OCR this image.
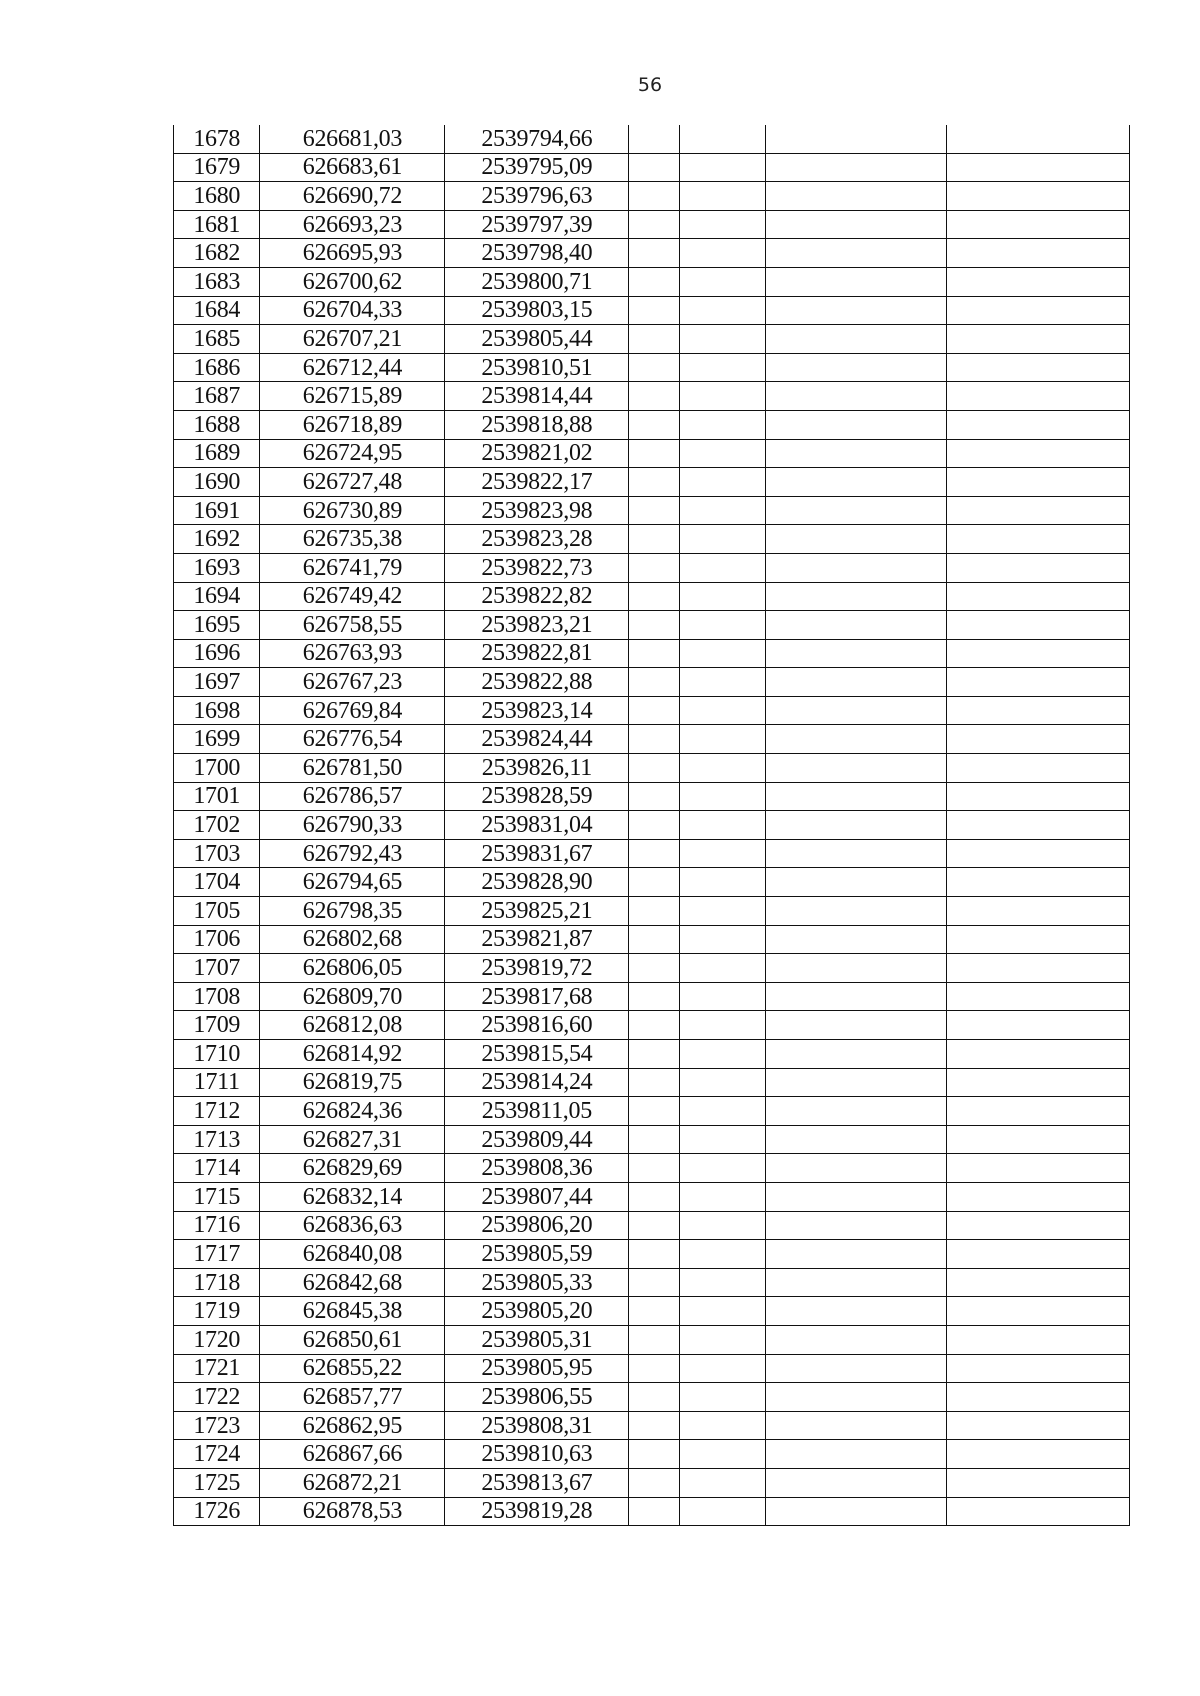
56
1678	626681,03	2539794,66				
1679	626683,61	2539795,09				
1680	626690,72	2539796,63				
1681	626693,23	2539797,39				
1682	626695,93	2539798,40				
1683	626700,62	2539800,71				
1684	626704,33	2539803,15				
1685	626707,21	2539805,44				
1686	626712,44	2539810,51				
1687	626715,89	2539814,44				
1688	626718,89	2539818,88				
1689	626724,95	2539821,02				
1690	626727,48	2539822,17				
1691	626730,89	2539823,98				
1692	626735,38	2539823,28				
1693	626741,79	2539822,73				
1694	626749,42	2539822,82				
1695	626758,55	2539823,21				
1696	626763,93	2539822,81				
1697	626767,23	2539822,88				
1698	626769,84	2539823,14				
1699	626776,54	2539824,44				
1700	626781,50	2539826,11				
1701	626786,57	2539828,59				
1702	626790,33	2539831,04				
1703	626792,43	2539831,67				
1704	626794,65	2539828,90				
1705	626798,35	2539825,21				
1706	626802,68	2539821,87				
1707	626806,05	2539819,72				
1708	626809,70	2539817,68				
1709	626812,08	2539816,60				
1710	626814,92	2539815,54				
1711	626819,75	2539814,24				
1712	626824,36	2539811,05				
1713	626827,31	2539809,44				
1714	626829,69	2539808,36				
1715	626832,14	2539807,44				
1716	626836,63	2539806,20				
1717	626840,08	2539805,59				
1718	626842,68	2539805,33				
1719	626845,38	2539805,20				
1720	626850,61	2539805,31				
1721	626855,22	2539805,95				
1722	626857,77	2539806,55				
1723	626862,95	2539808,31				
1724	626867,66	2539810,63				
1725	626872,21	2539813,67				
1726	626878,53	2539819,28				
